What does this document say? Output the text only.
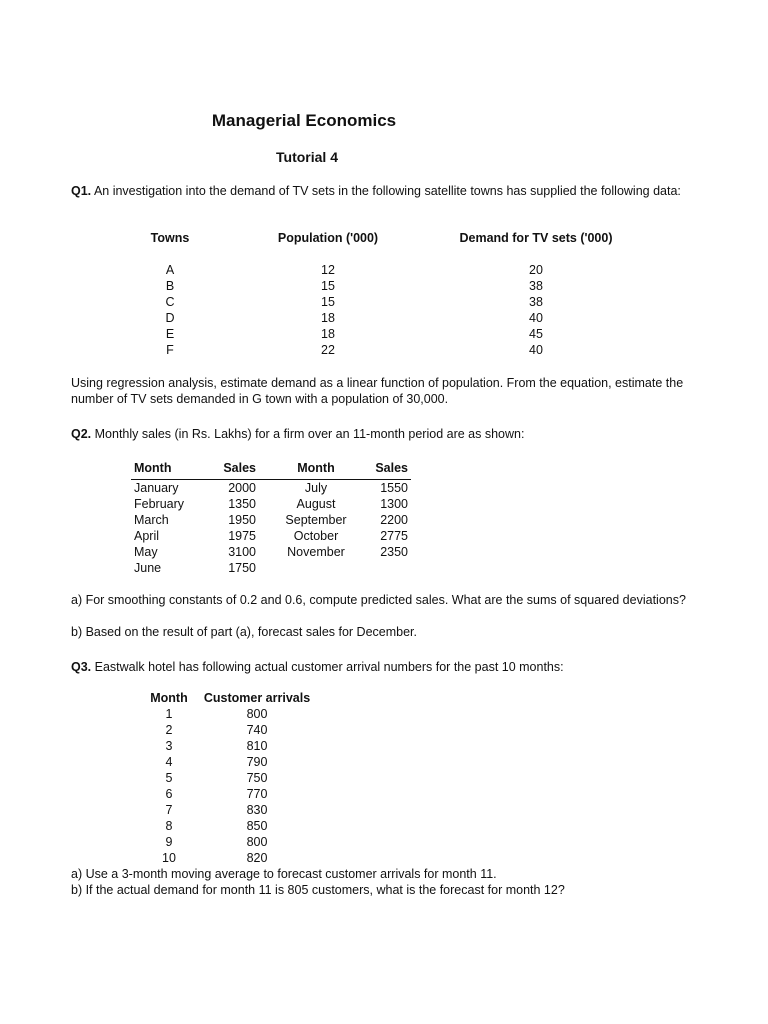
Managerial Economics
Tutorial 4
Q1. An investigation into the demand of TV sets in the following satellite towns has supplied the following data:
Towns	Population ('000)	Demand for TV sets ('000)
A	12	20
B	15	38
C	15	38
D	18	40
E	18	45
F	22	40
Using regression analysis, estimate demand as a linear function of population. From the equation, estimate the number of TV sets demanded in G town with a population of 30,000.
Q2. Monthly sales (in Rs. Lakhs) for a firm over an 11-month period are as shown:
Month	Sales	Month	Sales
January	2000	July	1550
February	1350	August	1300
March	1950	September	2200
April	1975	October	2775
May	3100	November	2350
June	1750
a) For smoothing constants of 0.2 and 0.6, compute predicted sales. What are the sums of squared deviations?
b) Based on the result of part (a), forecast sales for December.
Q3. Eastwalk hotel has following actual customer arrival numbers for the past 10 months:
Month	Customer arrivals
1	800
2	740
3	810
4	790
5	750
6	770
7	830
8	850
9	800
10	820
a) Use a 3-month moving average to forecast customer arrivals for month 11.
b) If the actual demand for month 11 is 805 customers, what is the forecast for month 12?
